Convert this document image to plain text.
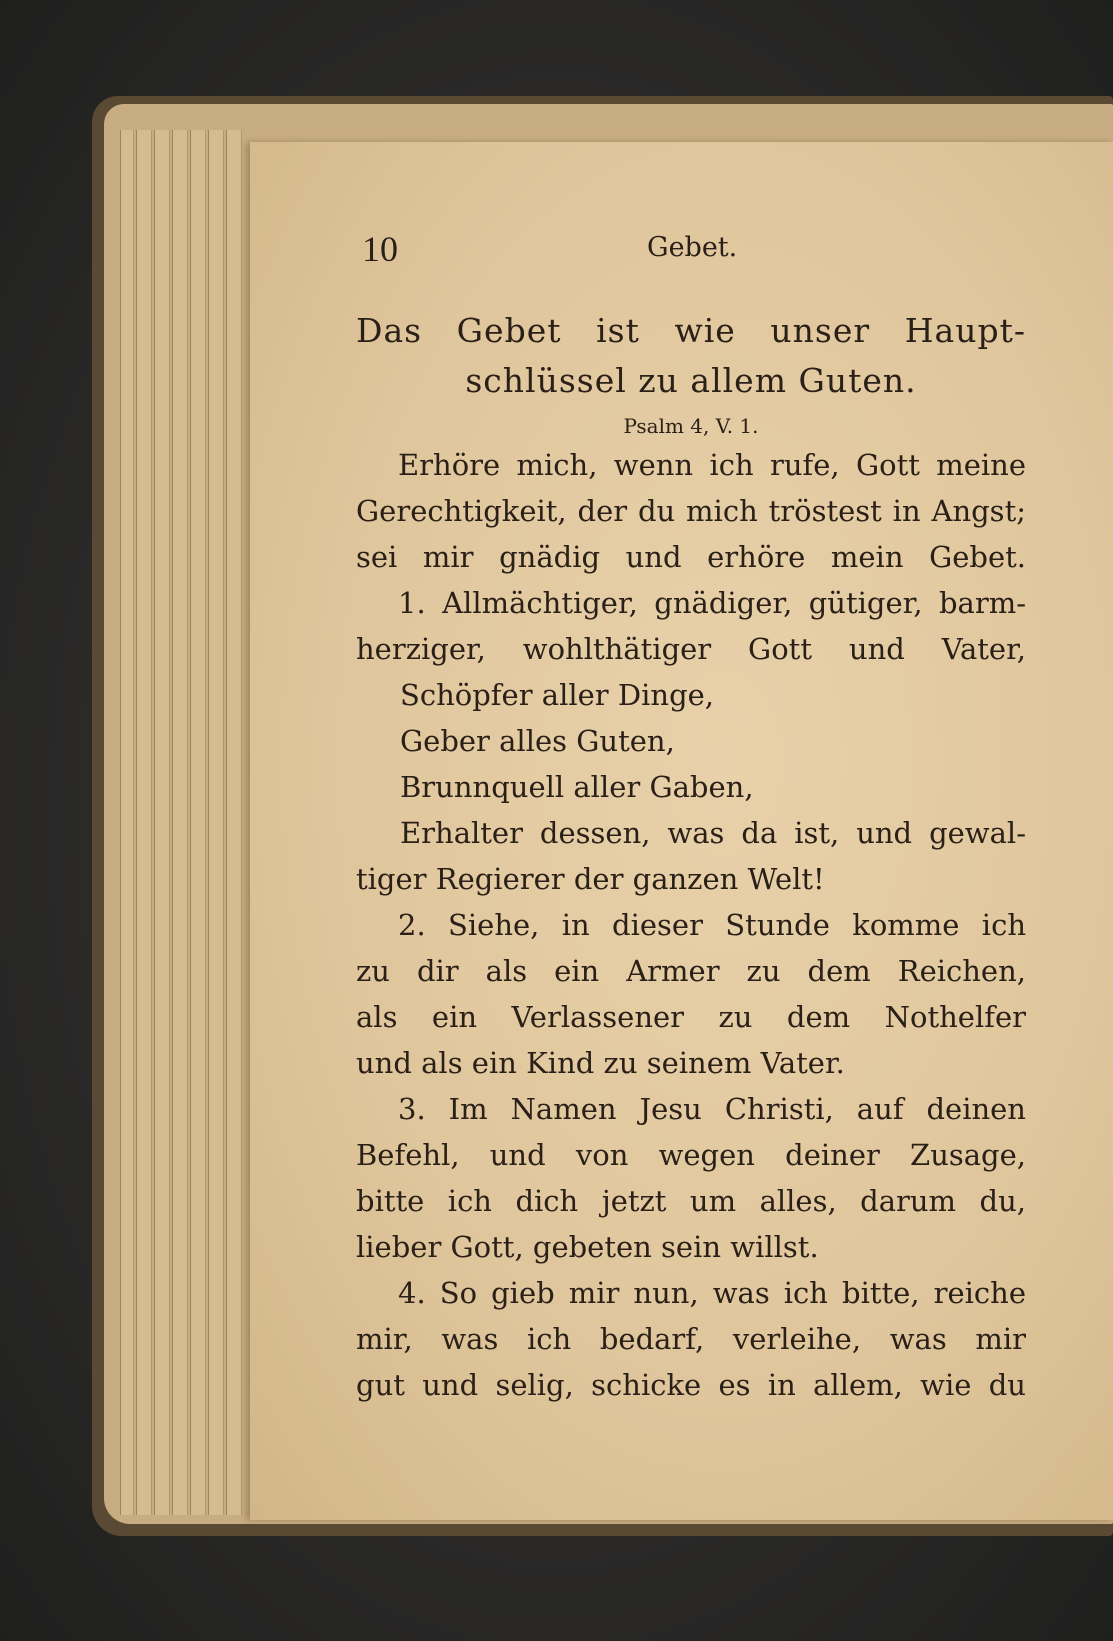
10	Gebet.
Das Gebet ist wie unser Haupt-
schlüssel zu allem Guten.
Psalm 4, V. 1.
Erhöre mich, wenn ich rufe, Gott meine
Gerechtigkeit, der du mich tröstest in Angst;
sei mir gnädig und erhöre mein Gebet.
1. Allmächtiger, gnädiger, gütiger, barm-
herziger, wohlthätiger Gott und Vater,
Schöpfer aller Dinge,
Geber alles Guten,
Brunnquell aller Gaben,
Erhalter dessen, was da ist, und gewal-
tiger Regierer der ganzen Welt!
2. Siehe, in dieser Stunde komme ich
zu dir als ein Armer zu dem Reichen,
als ein Verlassener zu dem Nothelfer
und als ein Kind zu seinem Vater.
3. Im Namen Jesu Christi, auf deinen
Befehl, und von wegen deiner Zusage,
bitte ich dich jetzt um alles, darum du,
lieber Gott, gebeten sein willst.
4. So gieb mir nun, was ich bitte, reiche
mir, was ich bedarf, verleihe, was mir
gut und selig, schicke es in allem, wie du
